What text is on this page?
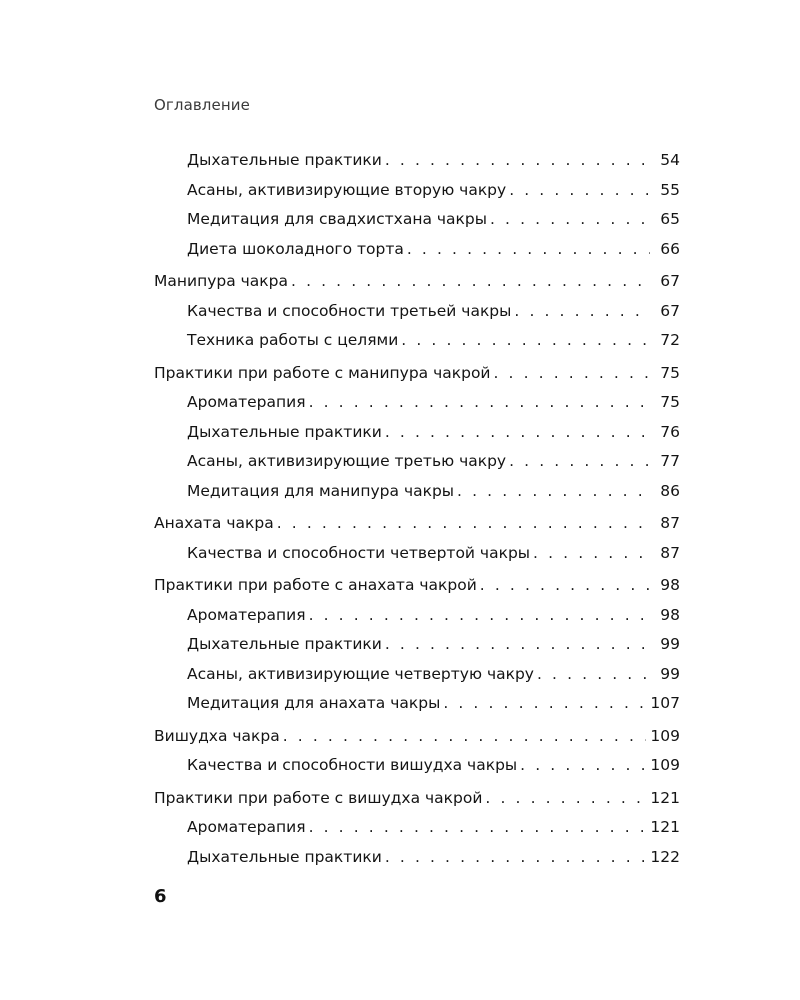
Оглавление
Дыхательные практики . . .	54
Асаны, активизирующие вторую чакру . . .	55
Медитация для свадхистхана чакры . . .	65
Диета шоколадного торта . . .	66
Манипура чакра . . .	67
Качества и способности третьей чакры . . .	67
Техника работы с целями . . .	72
Практики при работе с манипура чакрой . . .	75
Ароматерапия . . .	75
Дыхательные практики . . .	76
Асаны, активизирующие третью чакру . . .	77
Медитация для манипура чакры . . .	86
Анахата чакра . . .	87
Качества и способности четвертой чакры . . .	87
Практики при работе с анахата чакрой . . .	98
Ароматерапия . . .	98
Дыхательные практики . . .	99
Асаны, активизирующие четвертую чакру . . .	99
Медитация для анахата чакры . . .	107
Вишудха чакра . . .	109
Качества и способности вишудха чакры . . .	109
Практики при работе с вишудха чакрой . . .	121
Ароматерапия . . .	121
Дыхательные практики . . .	122
6
